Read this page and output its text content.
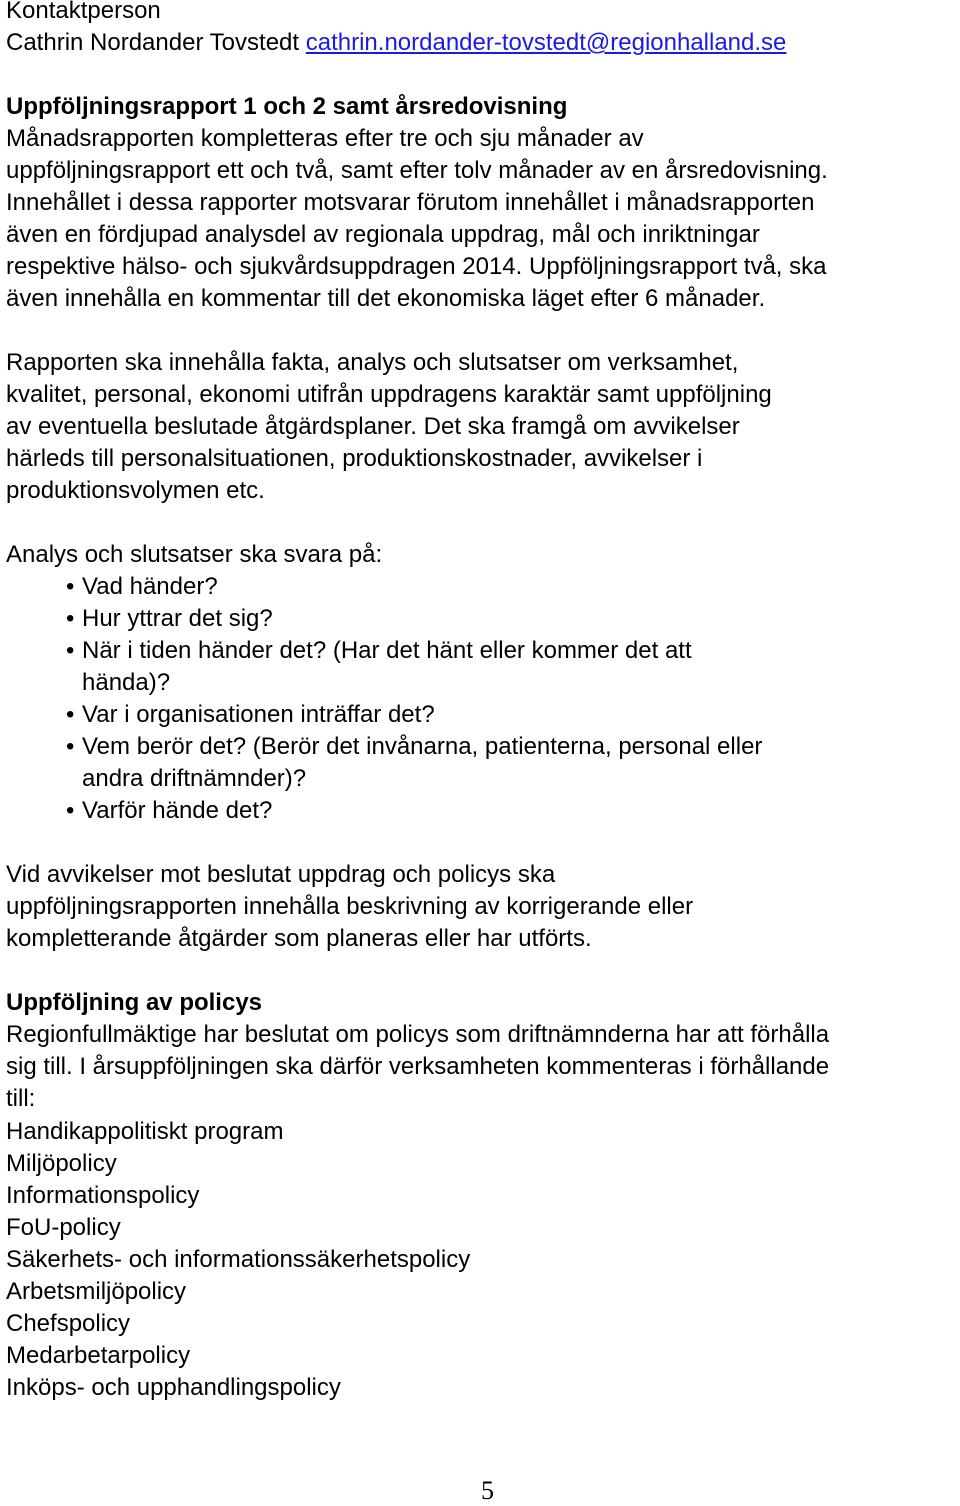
Kontaktperson
Cathrin Nordander Tovstedt cathrin.nordander-tovstedt@regionhalland.se
Uppföljningsrapport 1 och 2 samt årsredovisning
Månadsrapporten kompletteras efter tre och sju månader av
uppföljningsrapport ett och två, samt efter tolv månader av en årsredovisning.
Innehållet i dessa rapporter motsvarar förutom innehållet i månadsrapporten
även en fördjupad analysdel av regionala uppdrag, mål och inriktningar
respektive hälso- och sjukvårdsuppdragen 2014. Uppföljningsrapport två, ska
även innehålla en kommentar till det ekonomiska läget efter 6 månader.
Rapporten ska innehålla fakta, analys och slutsatser om verksamhet,
kvalitet, personal, ekonomi utifrån uppdragens karaktär samt uppföljning
av eventuella beslutade åtgärdsplaner. Det ska framgå om avvikelser
härleds till personalsituationen, produktionskostnader, avvikelser i
produktionsvolymen etc.
Analys och slutsatser ska svara på:
• Vad händer?
• Hur yttrar det sig?
• När i tiden händer det? (Har det hänt eller kommer det att
hända)?
• Var i organisationen inträffar det?
• Vem berör det? (Berör det invånarna, patienterna, personal eller
andra driftnämnder)?
• Varför hände det?
Vid avvikelser mot beslutat uppdrag och policys ska
uppföljningsrapporten innehålla beskrivning av korrigerande eller
kompletterande åtgärder som planeras eller har utförts.
Uppföljning av policys
Regionfullmäktige har beslutat om policys som driftnämnderna har att förhålla
sig till. I årsuppföljningen ska därför verksamheten kommenteras i förhållande
till:
Handikappolitiskt program
Miljöpolicy
Informationspolicy
FoU-policy
Säkerhets- och informationssäkerhetspolicy
Arbetsmiljöpolicy
Chefspolicy
Medarbetarpolicy
Inköps- och upphandlingspolicy
5
